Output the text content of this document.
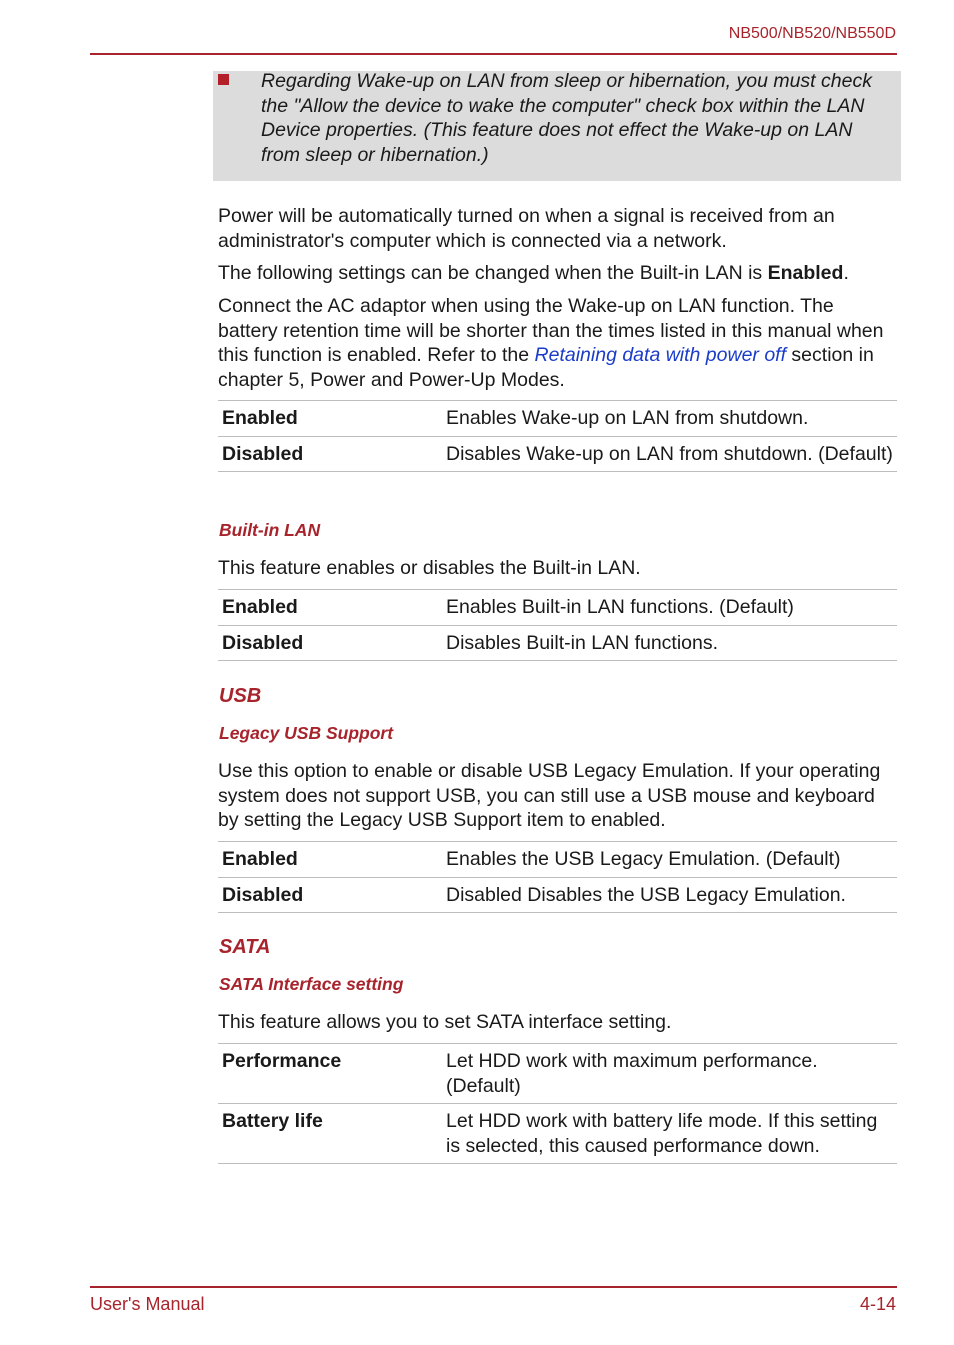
NB500/NB520/NB550D
Regarding Wake-up on LAN from sleep or hibernation, you must check the "Allow the device to wake the computer" check box within the LAN Device properties. (This feature does not effect the Wake-up on LAN from sleep or hibernation.)
Power will be automatically turned on when a signal is received from an administrator's computer which is connected via a network.
The following settings can be changed when the Built-in LAN is Enabled.
Connect the AC adaptor when using the Wake-up on LAN function. The battery retention time will be shorter than the times listed in this manual when this function is enabled. Refer to the Retaining data with power off section in chapter 5, Power and Power-Up Modes.
Enabled	Enables Wake-up on LAN from shutdown.
Disabled	Disables Wake-up on LAN from shutdown. (Default)
Built-in LAN
This feature enables or disables the Built-in LAN.
Enabled	Enables Built-in LAN functions. (Default)
Disabled	Disables Built-in LAN functions.
USB
Legacy USB Support
Use this option to enable or disable USB Legacy Emulation. If your operating system does not support USB, you can still use a USB mouse and keyboard by setting the Legacy USB Support item to enabled.
Enabled	Enables the USB Legacy Emulation. (Default)
Disabled	Disabled Disables the USB Legacy Emulation.
SATA
SATA Interface setting
This feature allows you to set SATA interface setting.
Performance	Let HDD work with maximum performance. (Default)
Battery life	Let HDD work with battery life mode. If this setting is selected, this caused performance down.
User's Manual	4-14
